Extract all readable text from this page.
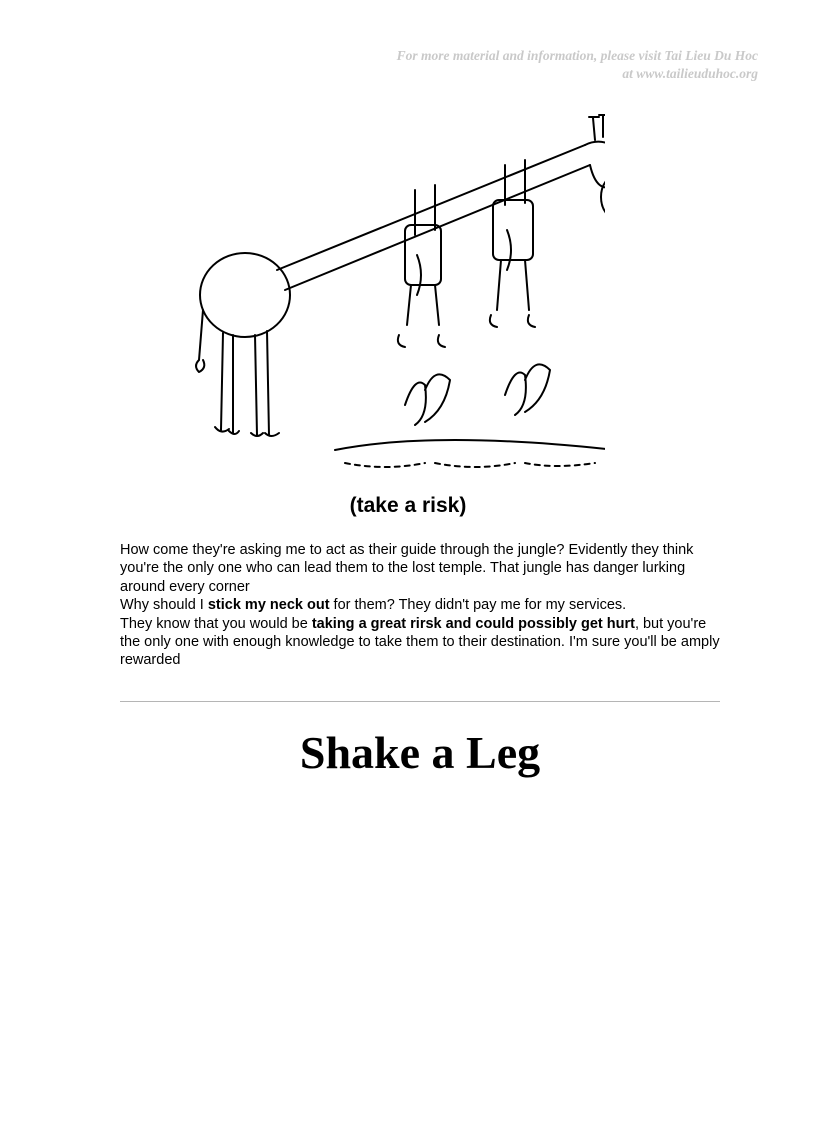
For more material and information, please visit Tai Lieu Du Hoc
at www.tailieuduhoc.org
(take a risk)

How come they're asking me to act as their guide through the jungle? Evidently they think you're the only one who can lead them to the lost temple. That jungle has danger lurking around every corner

Why should I stick my neck out for them? They didn't pay me for my services.

They know that you would be taking a great rirsk and could possibly get hurt, but you're the only one with enough knowledge to take them to their destination. I'm sure you'll be amply rewarded

Shake a Leg
